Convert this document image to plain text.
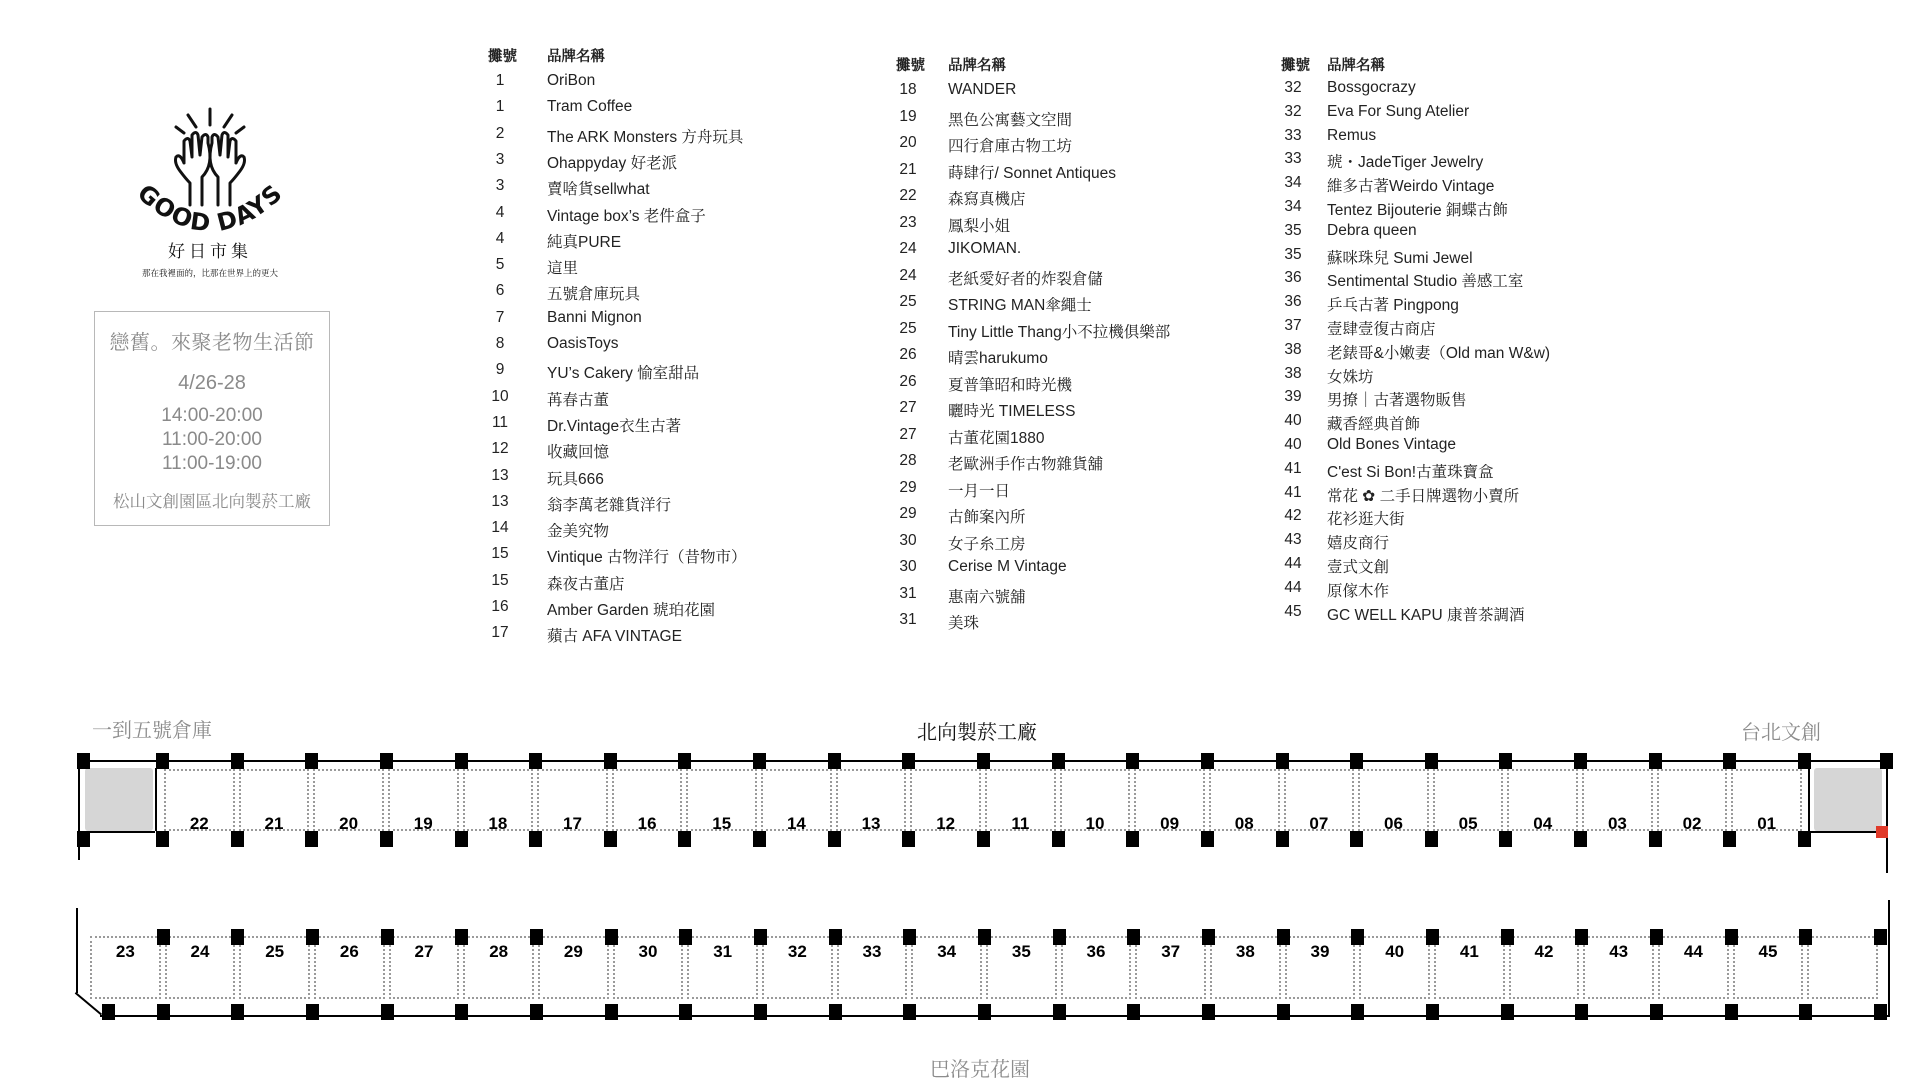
GOOD DAYS
好日市集
那在我裡面的，比那在世界上的更大
戀舊。來聚老物生活節
4/26-28
14:00-20:00
11:00-20:00
11:00-19:00
松山文創園區北向製菸工廠
攤號 品牌名稱
1	OriBon
1	Tram Coffee
2	The ARK Monsters 方舟玩具
3	Ohappyday 好老派
3	賣啥貨sellwhat
4	Vintage box’s 老件盒子
4	純真PURE
5	這里
6	五號倉庫玩具
7	Banni Mignon
8	OasisToys
9	YU’s Cakery 愉室甜品
10	苒春古董
11	Dr.Vintage衣生古著
12	收藏回憶
13	玩具666
13	翁李萬老雜貨洋行
14	金美究物
15	Vintique 古物洋行（昔物市）
15	森夜古董店
16	Amber Garden 琥珀花園
17	蘋古 AFA VINTAGE
攤號 品牌名稱
18	WANDER
19	黑色公寓藝文空間
20	四行倉庫古物工坊
21	蒔肆行/ Sonnet Antiques
22	森寫真機店
23	鳳梨小姐
24	JIKOMAN.
24	老紙愛好者的炸裂倉儲
25	STRING MAN傘繩士
25	Tiny Little Thang小不拉機俱樂部
26	晴雲harukumo
26	夏普筆昭和時光機
27	曬時光 TIMELESS
27	古董花園1880
28	老歐洲手作古物雜貨舖
29	一月一日
29	古飾案內所
30	女子糸工房
30	Cerise M Vintage
31	惠南六號舖
31	美珠
攤號 品牌名稱
32	Bossgocrazy
32	Eva For Sung Atelier
33	Remus
33	琥・JadeTiger Jewelry
34	維多古著Weirdo Vintage
34	Tentez Bijouterie 銅蝶古飾
35	Debra queen
35	蘇咪珠兒 Sumi Jewel
36	Sentimental Studio 善感工室
36	乒乓古著 Pingpong
37	壹肆壹復古商店
38	老錶哥&小嫩妻（Old man W&w)
38	女姝坊
39	男撩｜古著選物販售
40	藏香經典首飾
40	Old Bones Vintage
41	C'est Si Bon!古董珠寶盒
41	常花 ✿ 二手日牌選物小賣所
42	花衫逛大街
43	嬉皮商行
44	壹式文創
44	原傢木作
45	GC WELL KAPU 康普茶調酒
一到五號倉庫	北向製菸工廠	台北文創
巴洛克花園
22	21	20	19	18	17	16	15	14	13	12	11	10	09	08	07	06	05	04	03	02	01
23	24	25	26	27	28	29	30	31	32	33	34	35	36	37	38	39	40	41	42	43	44	45
